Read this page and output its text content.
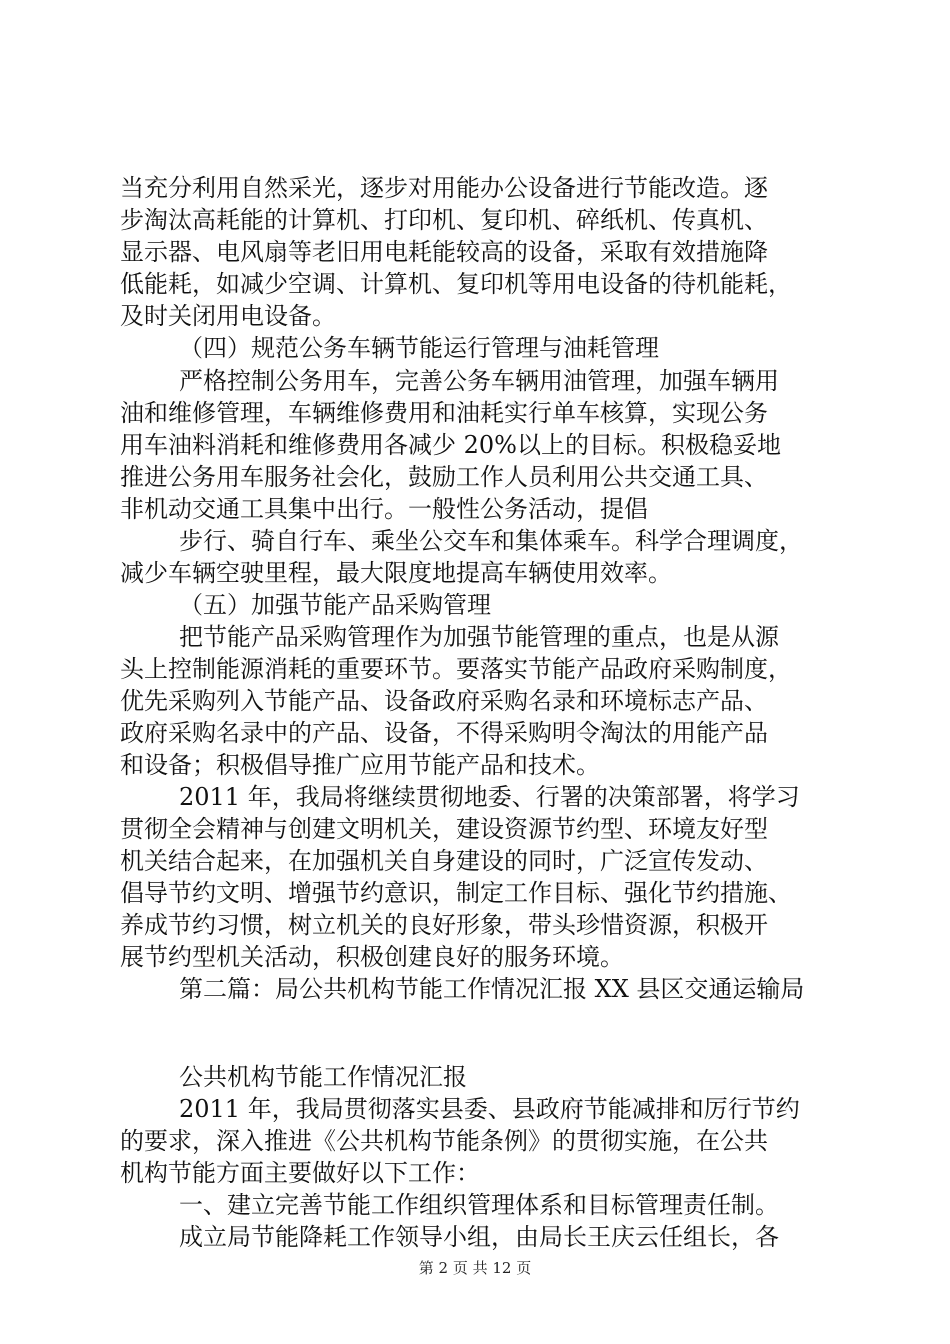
当充分利用自然采光，逐步对用能办公设备进行节能改造。逐
步淘汰高耗能的计算机、打印机、复印机、碎纸机、传真机、
显示器、电风扇等老旧用电耗能较高的设备，采取有效措施降
低能耗，如减少空调、计算机、复印机等用电设备的待机能耗，
及时关闭用电设备。
（四）规范公务车辆节能运行管理与油耗管理
严格控制公务用车，完善公务车辆用油管理，加强车辆用
油和维修管理，车辆维修费用和油耗实行单车核算，实现公务
用车油料消耗和维修费用各减少 20%以上的目标。积极稳妥地
推进公务用车服务社会化，鼓励工作人员利用公共交通工具、
非机动交通工具集中出行。一般性公务活动，提倡
步行、骑自行车、乘坐公交车和集体乘车。科学合理调度，
减少车辆空驶里程，最大限度地提高车辆使用效率。
（五）加强节能产品采购管理
把节能产品采购管理作为加强节能管理的重点，也是从源
头上控制能源消耗的重要环节。要落实节能产品政府采购制度，
优先采购列入节能产品、设备政府采购名录和环境标志产品、
政府采购名录中的产品、设备，不得采购明令淘汰的用能产品
和设备；积极倡导推广应用节能产品和技术。
2011 年，我局将继续贯彻地委、行署的决策部署，将学习
贯彻全会精神与创建文明机关，建设资源节约型、环境友好型
机关结合起来，在加强机关自身建设的同时，广泛宣传发动、
倡导节约文明、增强节约意识，制定工作目标、强化节约措施、
养成节约习惯，树立机关的良好形象，带头珍惜资源，积极开
展节约型机关活动，积极创建良好的服务环境。
第二篇：局公共机构节能工作情况汇报 XX 县区交通运输局
公共机构节能工作情况汇报
2011 年，我局贯彻落实县委、县政府节能减排和厉行节约
的要求，深入推进《公共机构节能条例》的贯彻实施，在公共
机构节能方面主要做好以下工作：
一、建立完善节能工作组织管理体系和目标管理责任制。
成立局节能降耗工作领导小组，由局长王庆云任组长，各
第 2 页 共 12 页
